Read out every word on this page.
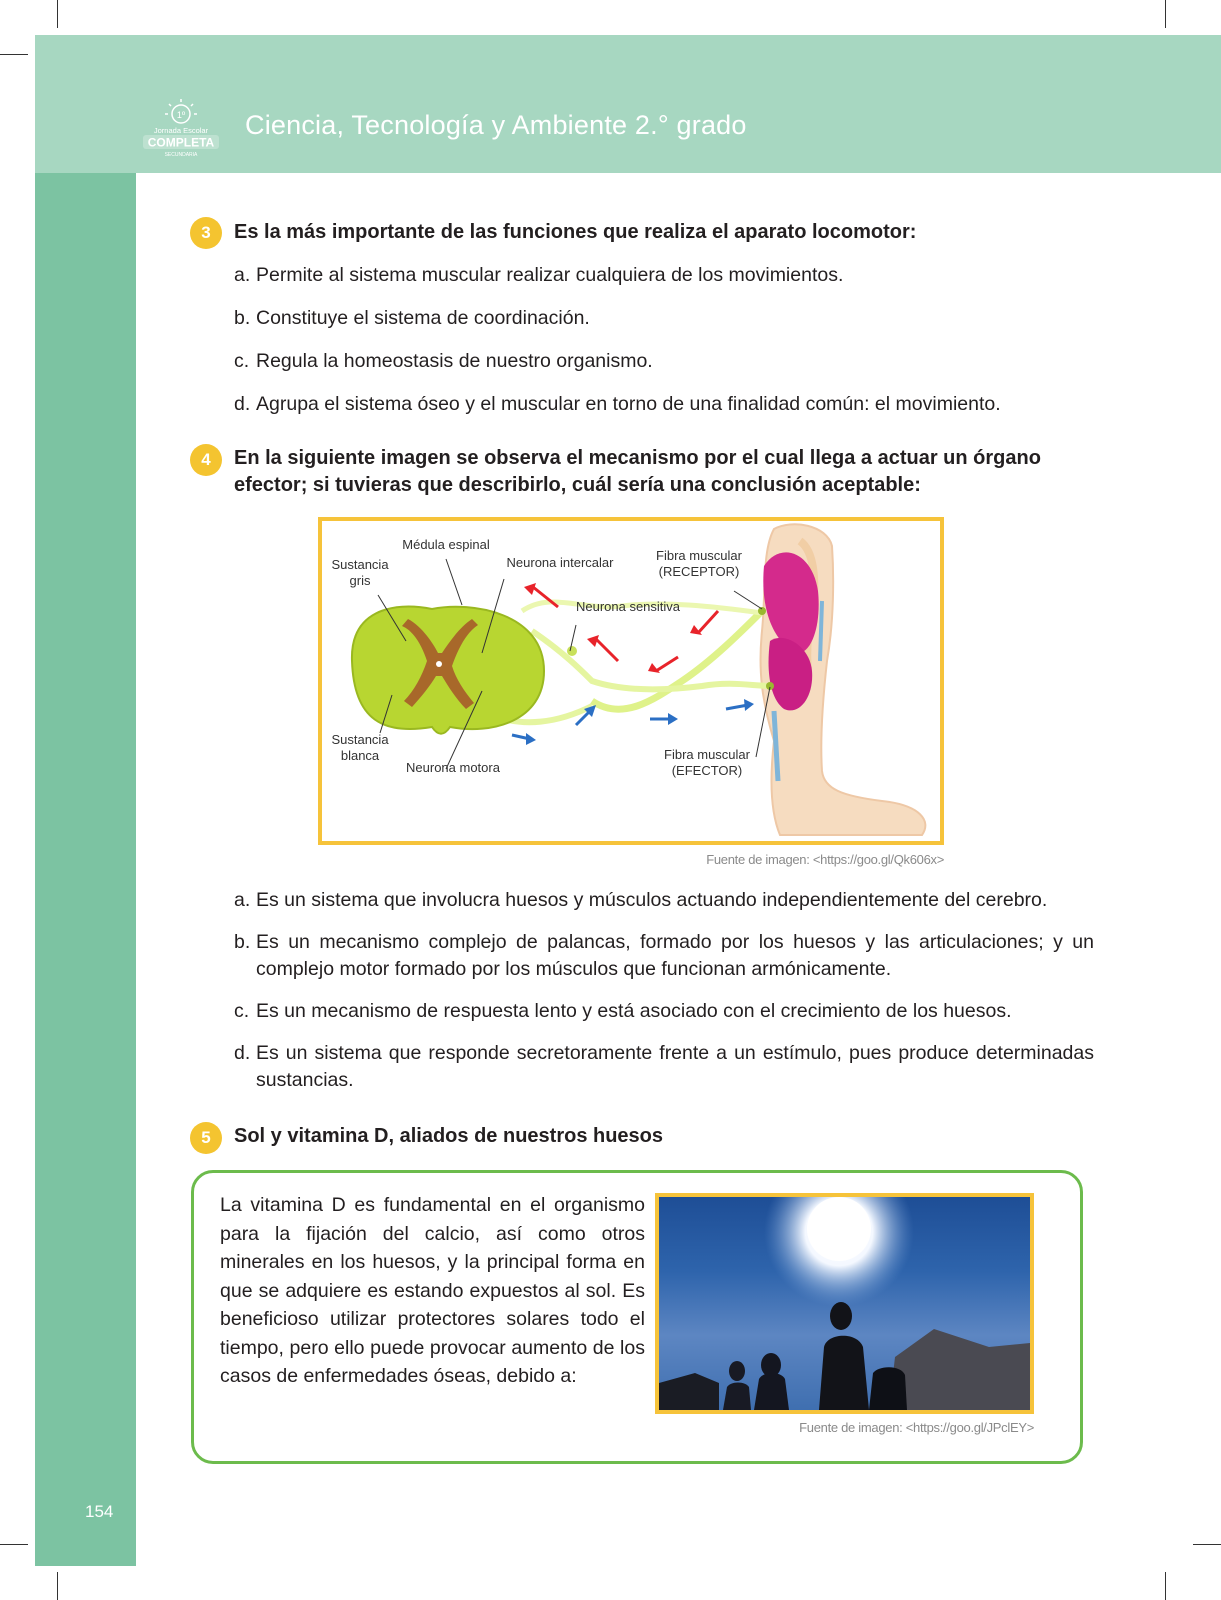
1º
Jornada Escolar
COMPLETA
SECUNDARIA
Ciencia, Tecnología y Ambiente 2.° grado
3	Es la más importante de las funciones que realiza el aparato locomotor:
a. Permite al sistema muscular realizar cualquiera de los movimientos.
b. Constituye el sistema de coordinación.
c. Regula la homeostasis de nuestro organismo.
d. Agrupa el sistema óseo y el muscular en torno de una finalidad común: el movimiento.
4	En la siguiente imagen se observa el mecanismo por el cual llega a actuar un órgano efector; si tuvieras que describirlo, cuál sería una conclusión aceptable:
Sustancia gris
Médula espinal
Neurona intercalar	Fibra muscular
(RECEPTOR)
Neurona sensitiva
Sustancia blanca
Neurona motora
Fibra muscular
(EFECTOR)
Fuente de imagen: <https://goo.gl/Qk606x>
a. Es un sistema que involucra huesos y músculos actuando independientemente del cerebro.
b. Es un mecanismo complejo de palancas, formado por los huesos y las articulaciones; y un complejo motor formado por los músculos que funcionan armónicamente.
c. Es un mecanismo de respuesta lento y está asociado con el crecimiento de los huesos.
d. Es un sistema que responde secretoramente frente a un estímulo, pues produce determinadas sustancias.
5	Sol y vitamina D, aliados de nuestros huesos
La vitamina D es fundamental en el organismo para la fijación del calcio, así como otros minerales en los huesos, y la principal forma en que se adquiere es estando expuestos al sol. Es beneficioso utilizar protectores solares todo el tiempo, pero ello puede provocar aumento de los casos de enfermedades óseas, debido a:
Fuente de imagen: <https://goo.gl/JPclEY>
154
